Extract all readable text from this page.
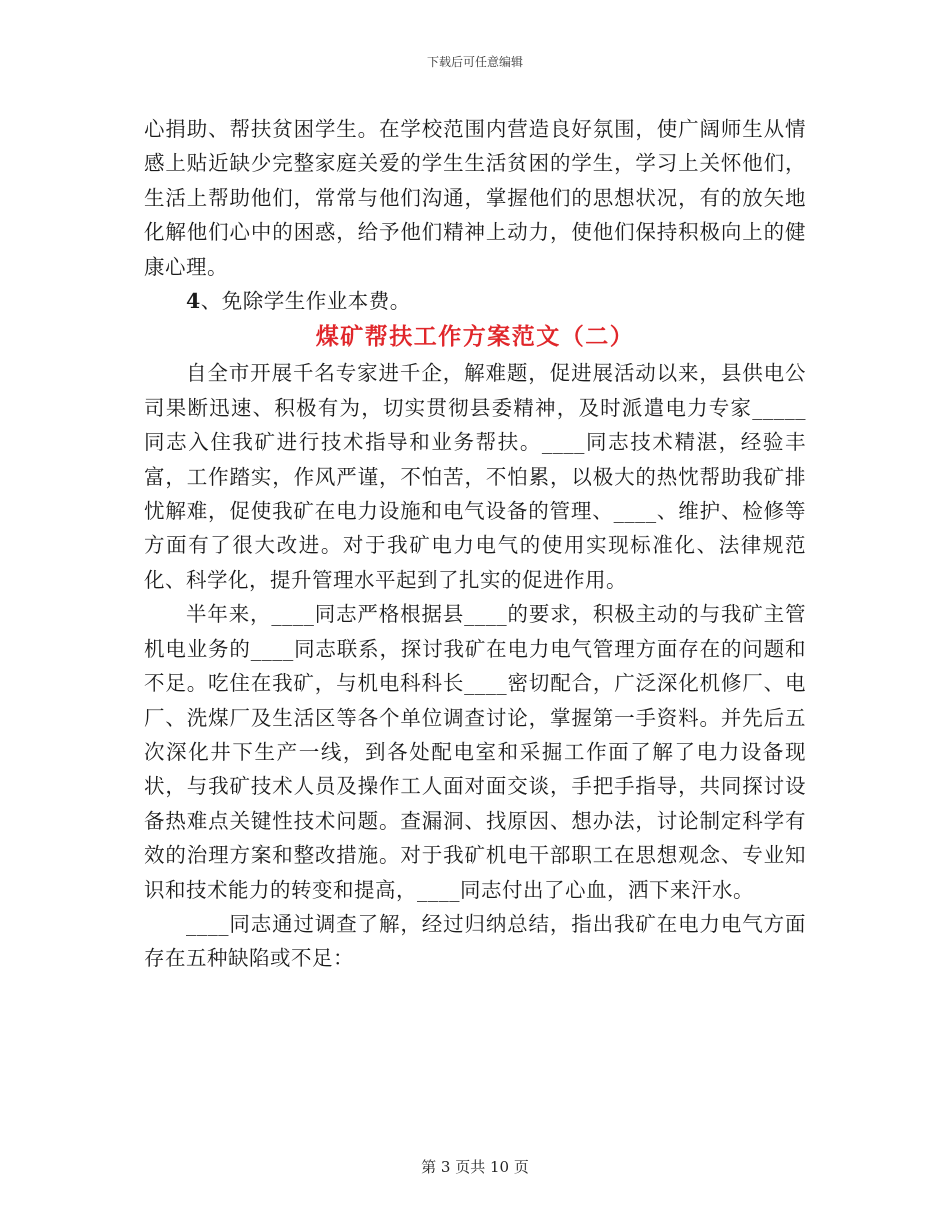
下载后可任意编辑

心捐助、帮扶贫困学生。在学校范围内营造良好氛围，使广阔师生从情感上贴近缺少完整家庭关爱的学生生活贫困的学生，学习上关怀他们，生活上帮助他们，常常与他们沟通，掌握他们的思想状况，有的放矢地化解他们心中的困惑，给予他们精神上动力，使他们保持积极向上的健康心理。

4、免除学生作业本费。

煤矿帮扶工作方案范文（二）

自全市开展千名专家进千企，解难题，促进展活动以来，县供电公司果断迅速、积极有为，切实贯彻县委精神，及时派遣电力专家_____同志入住我矿进行技术指导和业务帮扶。____同志技术精湛，经验丰富，工作踏实，作风严谨，不怕苦，不怕累，以极大的热忱帮助我矿排忧解难，促使我矿在电力设施和电气设备的管理、____、维护、检修等方面有了很大改进。对于我矿电力电气的使用实现标准化、法律规范化、科学化，提升管理水平起到了扎实的促进作用。

半年来，____同志严格根据县____的要求，积极主动的与我矿主管机电业务的____同志联系，探讨我矿在电力电气管理方面存在的问题和不足。吃住在我矿，与机电科科长____密切配合，广泛深化机修厂、电厂、洗煤厂及生活区等各个单位调查讨论，掌握第一手资料。并先后五次深化井下生产一线，到各处配电室和采掘工作面了解了电力设备现状，与我矿技术人员及操作工人面对面交谈，手把手指导，共同探讨设备热难点关键性技术问题。查漏洞、找原因、想办法，讨论制定科学有效的治理方案和整改措施。对于我矿机电干部职工在思想观念、专业知识和技术能力的转变和提高，____同志付出了心血，洒下来汗水。

____同志通过调查了解，经过归纳总结，指出我矿在电力电气方面存在五种缺陷或不足：

第 3 页共 10 页
